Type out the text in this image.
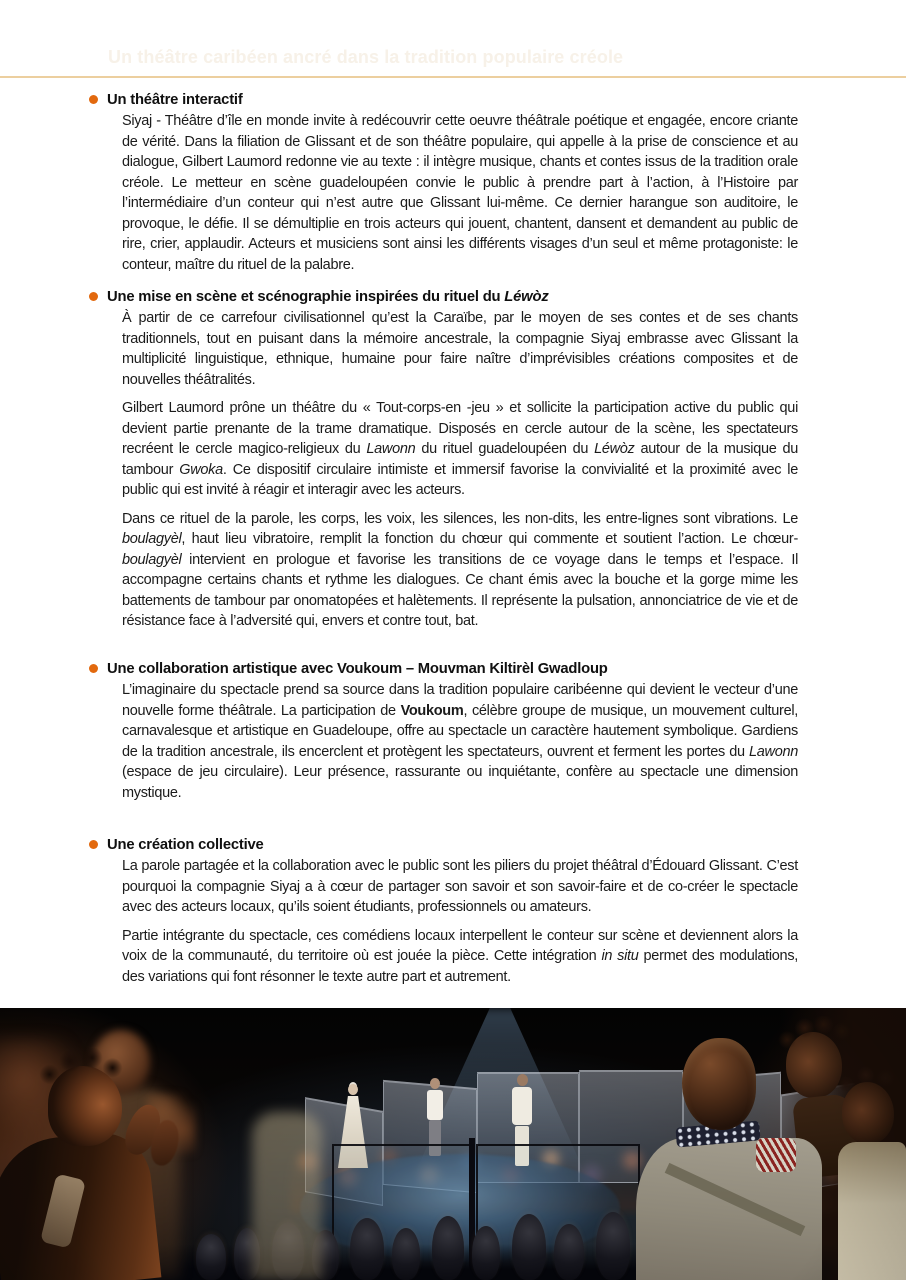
Un théâtre caribéen ancré dans la tradition populaire créole
Un théâtre interactif

Siyaj - Théâtre d’île en monde invite à redécouvrir cette oeuvre théâtrale poétique et engagée, encore criante de vérité. Dans la filiation de Glissant et de son théâtre populaire, qui appelle à la prise de conscience et au dialogue, Gilbert Laumord redonne vie au texte : il intègre musique, chants et contes issus de la tradition orale créole. Le metteur en scène guadeloupéen convie le public à prendre part à l’action, à l’Histoire par l’intermédiaire d’un conteur qui n’est autre que Glissant lui-même. Ce dernier harangue son auditoire, le provoque, le défie. Il se démultiplie en trois acteurs qui jouent, chantent, dansent et demandent au public de rire, crier, applaudir. Acteurs et musiciens sont ainsi les différents visages d’un seul et même protagoniste: le conteur, maître du rituel de la palabre.

Une mise en scène et scénographie inspirées du rituel du Léwòz

À partir de ce carrefour civilisationnel qu’est la Caraïbe, par le moyen de ses contes et de ses chants traditionnels, tout en puisant dans la mémoire ancestrale, la compagnie Siyaj embrasse avec Glissant la multiplicité linguistique, ethnique, humaine pour faire naître d’imprévisibles créations composites et de nouvelles théâtralités.

Gilbert Laumord prône un théâtre du « Tout-corps-en -jeu » et sollicite la participation active du public qui devient partie prenante de la trame dramatique. Disposés en cercle autour de la scène, les spectateurs recréent le cercle magico-religieux du Lawonn du rituel guadeloupéen du Léwòz autour de la musique du tambour Gwoka. Ce dispositif circulaire intimiste et immersif favorise la convivialité et la proximité avec le public qui est invité à réagir et interagir avec les acteurs.

Dans ce rituel de la parole, les corps, les voix, les silences, les non-dits, les entre-lignes sont vibrations. Le boulagyèl, haut lieu vibratoire, remplit la fonction du chœur qui commente et soutient l’action. Le chœur-boulagyèl intervient en prologue et favorise les transitions de ce voyage dans le temps et l’espace. Il accompagne certains chants et rythme les dialogues. Ce chant émis avec la bouche et la gorge mime les battements de tambour par onomatopées et halètements. Il représente la pulsation, annonciatrice de vie et de résistance face à l’adversité qui, envers et contre tout, bat.

Une collaboration artistique avec Voukoum – Mouvman Kiltirèl Gwadloup

L’imaginaire du spectacle prend sa source dans la tradition populaire caribéenne qui devient le vecteur d’une nouvelle forme théâtrale. La participation de Voukoum, célèbre groupe de musique, un mouvement culturel, carnavalesque et artistique en Guadeloupe, offre au spectacle un caractère hautement symbolique. Gardiens de la tradition ancestrale, ils encerclent et protègent les spectateurs, ouvrent et ferment les portes du Lawonn (espace de jeu circulaire). Leur présence, rassurante ou inquiétante, confère au spectacle une dimension mystique.

Une création collective

La parole partagée et la collaboration avec le public sont les piliers du projet théâtral d’Édouard Glissant. C’est pourquoi la compagnie Siyaj a à cœur de partager son savoir et son savoir-faire et de co-créer le spectacle avec des acteurs locaux, qu’ils soient étudiants, professionnels ou amateurs.

Partie intégrante du spectacle, ces comédiens locaux interpellent le conteur sur scène et deviennent alors la voix de la communauté, du territoire où est jouée la pièce. Cette intégration in situ permet des modulations, des variations qui font résonner le texte autre part et autrement.
